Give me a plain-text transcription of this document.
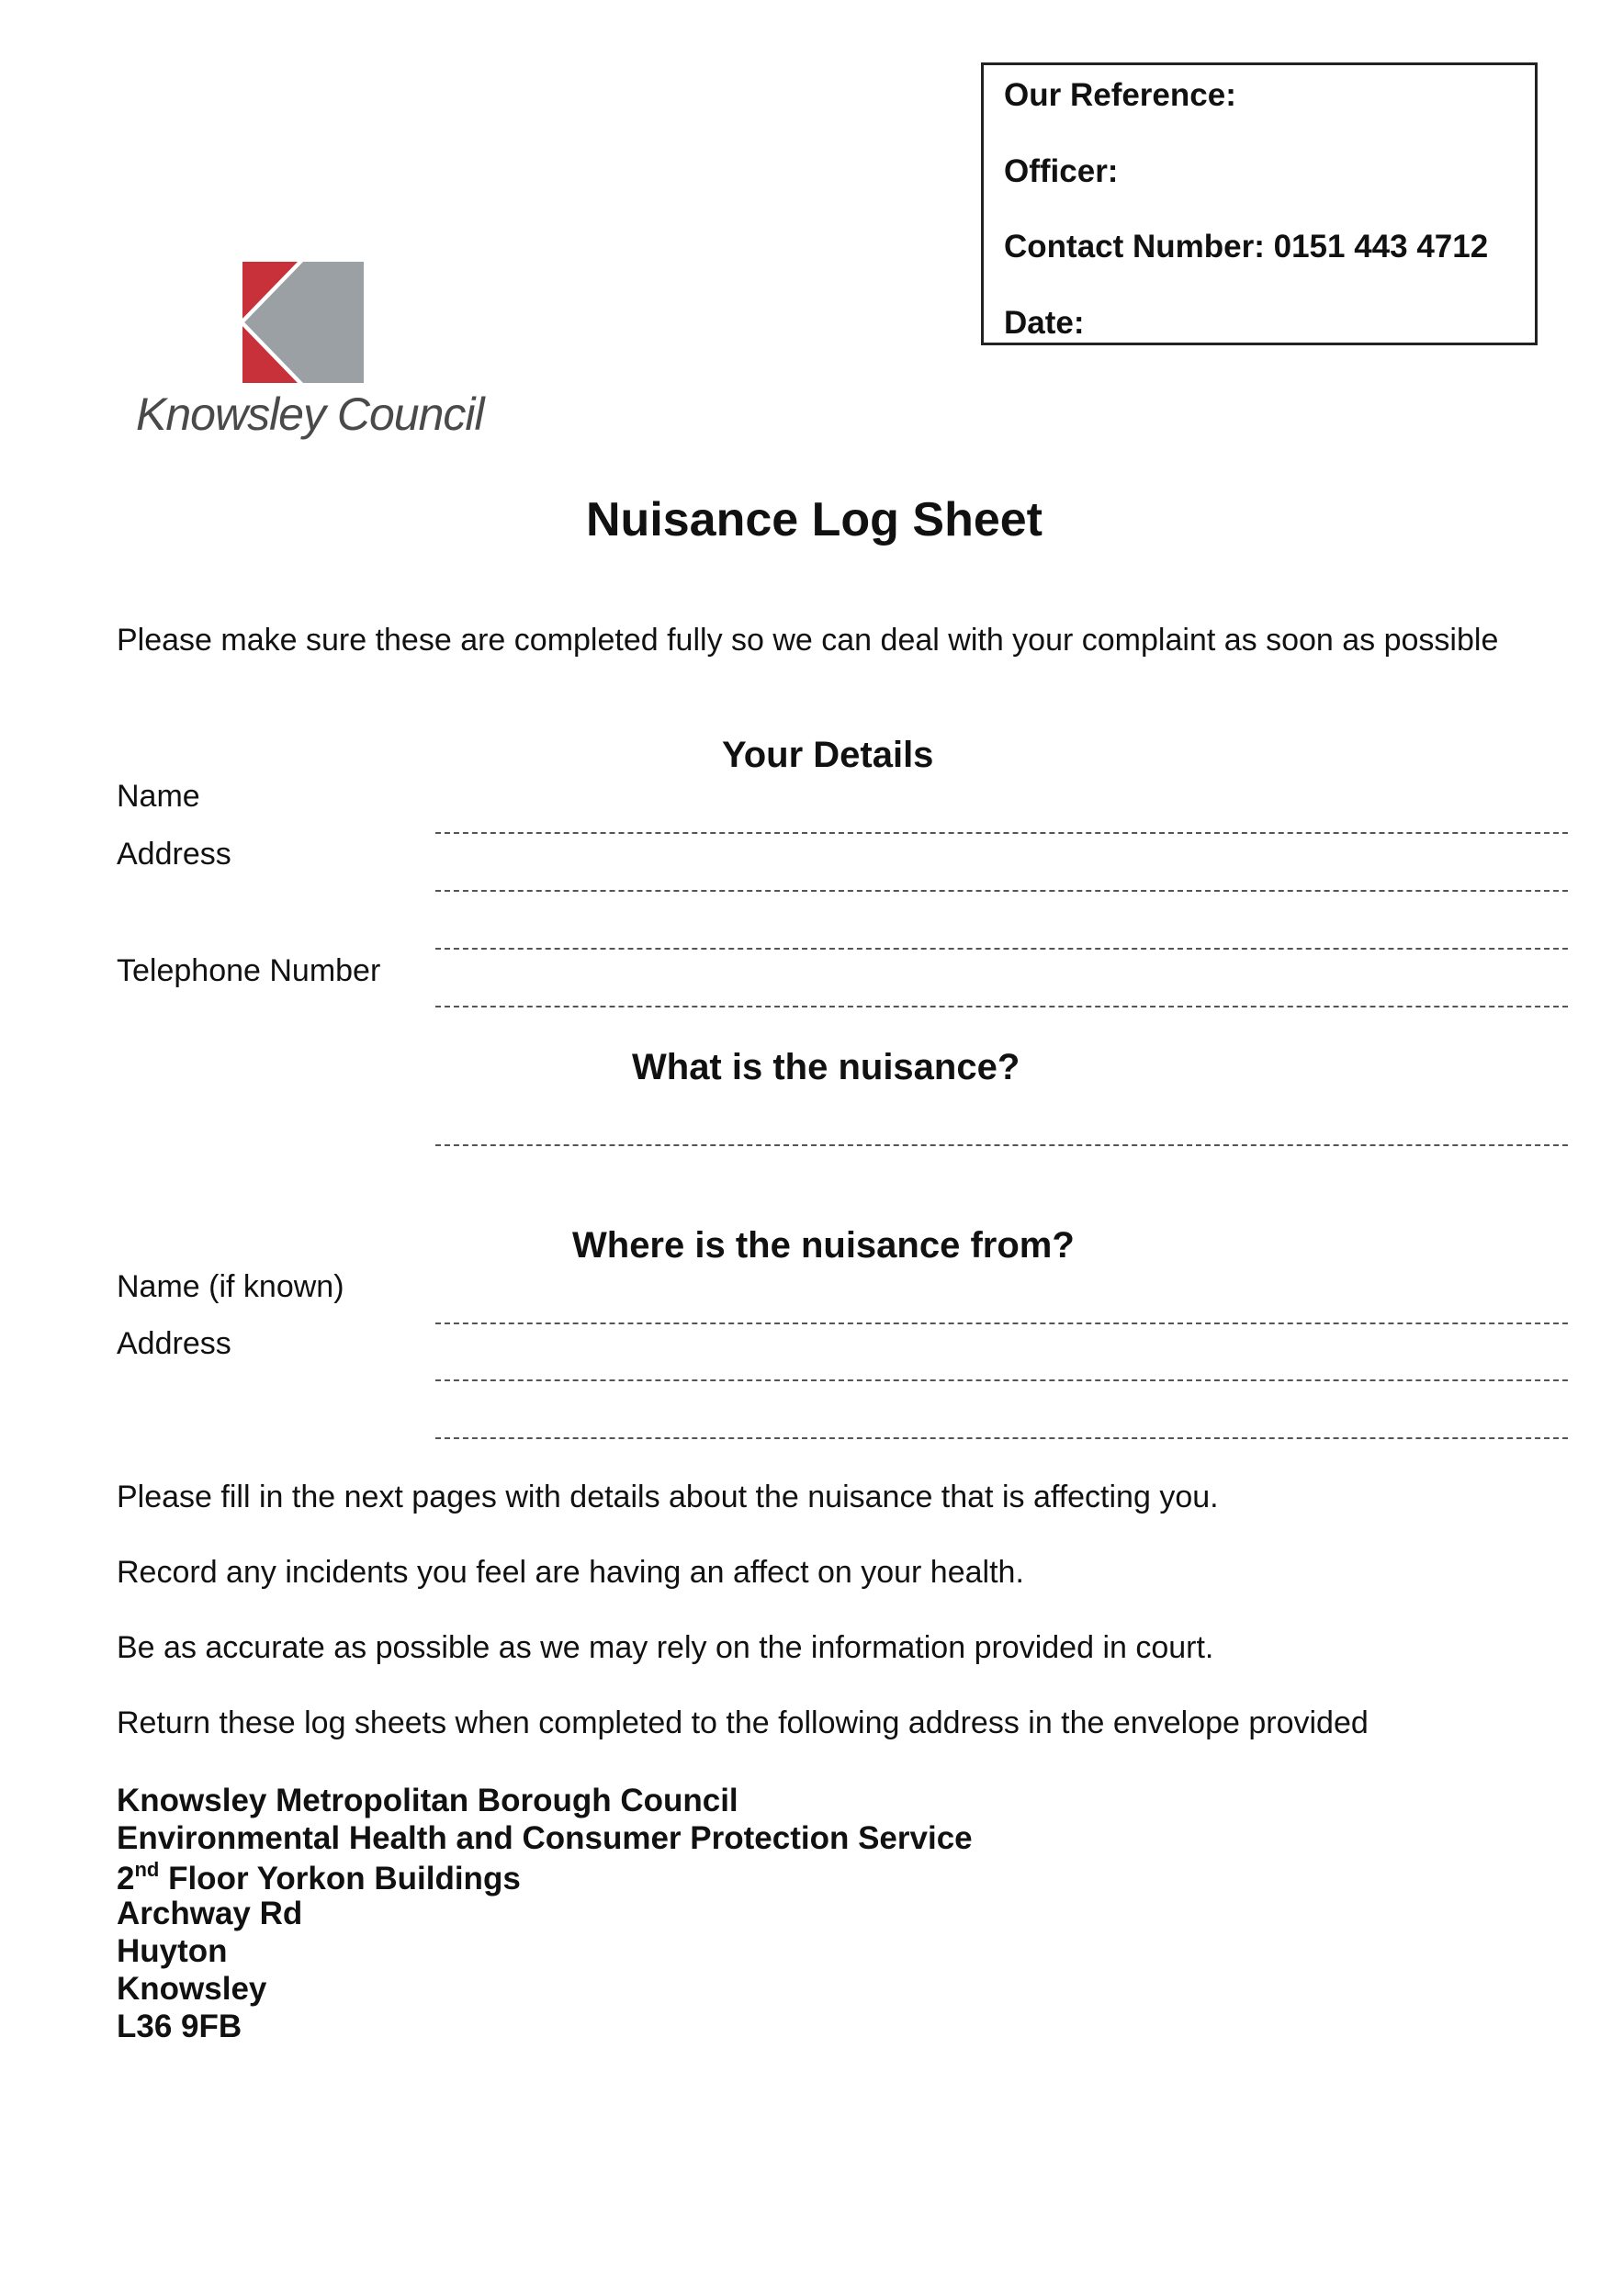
Our Reference:
Officer:
Contact Number: 0151 443 4712
Date:
Knowsley Council
Nuisance Log Sheet
Please make sure these are completed fully so we can deal with your complaint as soon as possible
Your Details
Name
Address
Telephone Number
What is the nuisance?
Where is the nuisance from?
Name (if known)
Address
Please fill in the next pages with details about the nuisance that is affecting you.
Record any incidents you feel are having an affect on your health.
Be as accurate as possible as we may rely on the information provided in court.
Return these log sheets when completed to the following address in the envelope provided
Knowsley Metropolitan Borough Council
Environmental Health and Consumer Protection Service
2nd Floor Yorkon Buildings
Archway Rd
Huyton
Knowsley
L36 9FB
